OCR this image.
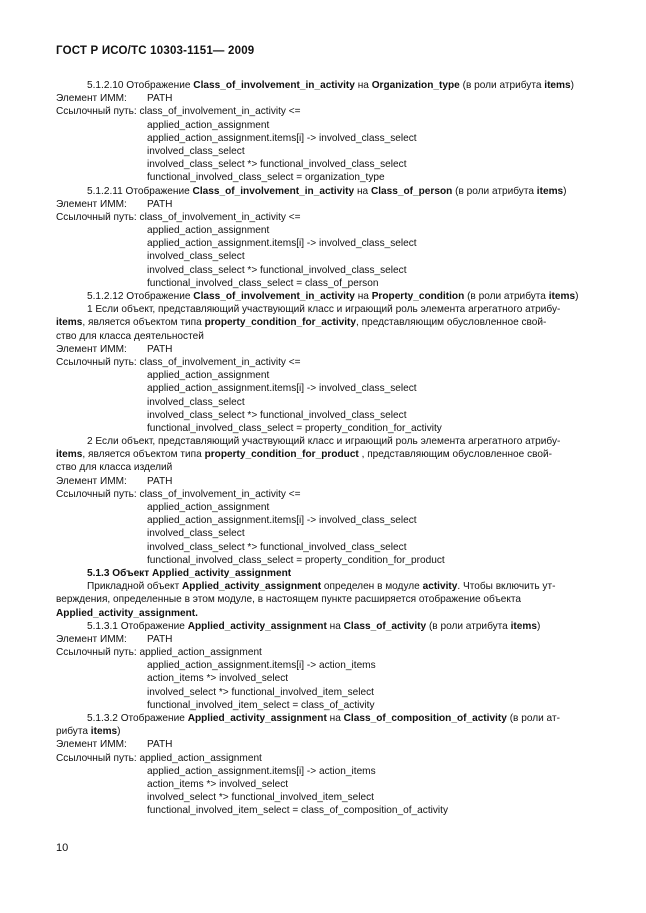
ГОСТ Р ИСО/ТС 10303-1151— 2009
5.1.2.10 Отображение Class_of_involvement_in_activity на Organization_type (в роли атрибута items)
Элемент ИММ: PATH
Ссылочный путь: class_of_involvement_in_activity <=
applied_action_assignment
applied_action_assignment.items[i] -> involved_class_select
involved_class_select
involved_class_select *> functional_involved_class_select
functional_involved_class_select = organization_type
5.1.2.11 Отображение Class_of_involvement_in_activity на Class_of_person (в роли атрибута items)
Элемент ИММ: PATH
Ссылочный путь: class_of_involvement_in_activity <=
applied_action_assignment
applied_action_assignment.items[i] -> involved_class_select
involved_class_select
involved_class_select *> functional_involved_class_select
functional_involved_class_select = class_of_person
5.1.2.12 Отображение Class_of_involvement_in_activity на Property_condition (в роли атрибута items)
1 Если объект, представляющий участвующий класс и играющий роль элемента агрегатного атрибу-
items, является объектом типа property_condition_for_activity, представляющим обусловленное свой-
ство для класса деятельностей
Элемент ИММ: PATH
Ссылочный путь: class_of_involvement_in_activity <=
applied_action_assignment
applied_action_assignment.items[i] -> involved_class_select
involved_class_select
involved_class_select *> functional_involved_class_select
functional_involved_class_select = property_condition_for_activity
2 Если объект, представляющий участвующий класс и играющий роль элемента агрегатного атрибу-
items, является объектом типа property_condition_for_product , представляющим обусловленное свой-
ство для класса изделий
Элемент ИММ: PATH
Ссылочный путь: class_of_involvement_in_activity <=
applied_action_assignment
applied_action_assignment.items[i] -> involved_class_select
involved_class_select
involved_class_select *> functional_involved_class_select
functional_involved_class_select = property_condition_for_product
5.1.3 Объект Applied_activity_assignment
Прикладной объект Applied_activity_assignment определен в модуле activity. Чтобы включить ут-
верждения, определенные в этом модуле, в настоящем пункте расширяется отображение объекта
Applied_activity_assignment.
5.1.3.1 Отображение Applied_activity_assignment на Class_of_activity (в роли атрибута items)
Элемент ИММ: PATH
Ссылочный путь: applied_action_assignment
applied_action_assignment.items[i] -> action_items
action_items *> involved_select
involved_select *> functional_involved_item_select
functional_involved_item_select = class_of_activity
5.1.3.2 Отображение Applied_activity_assignment на Class_of_composition_of_activity (в роли ат-
рибута items)
Элемент ИММ: PATH
Ссылочный путь: applied_action_assignment
applied_action_assignment.items[i] -> action_items
action_items *> involved_select
involved_select *> functional_involved_item_select
functional_involved_item_select = class_of_composition_of_activity
10
